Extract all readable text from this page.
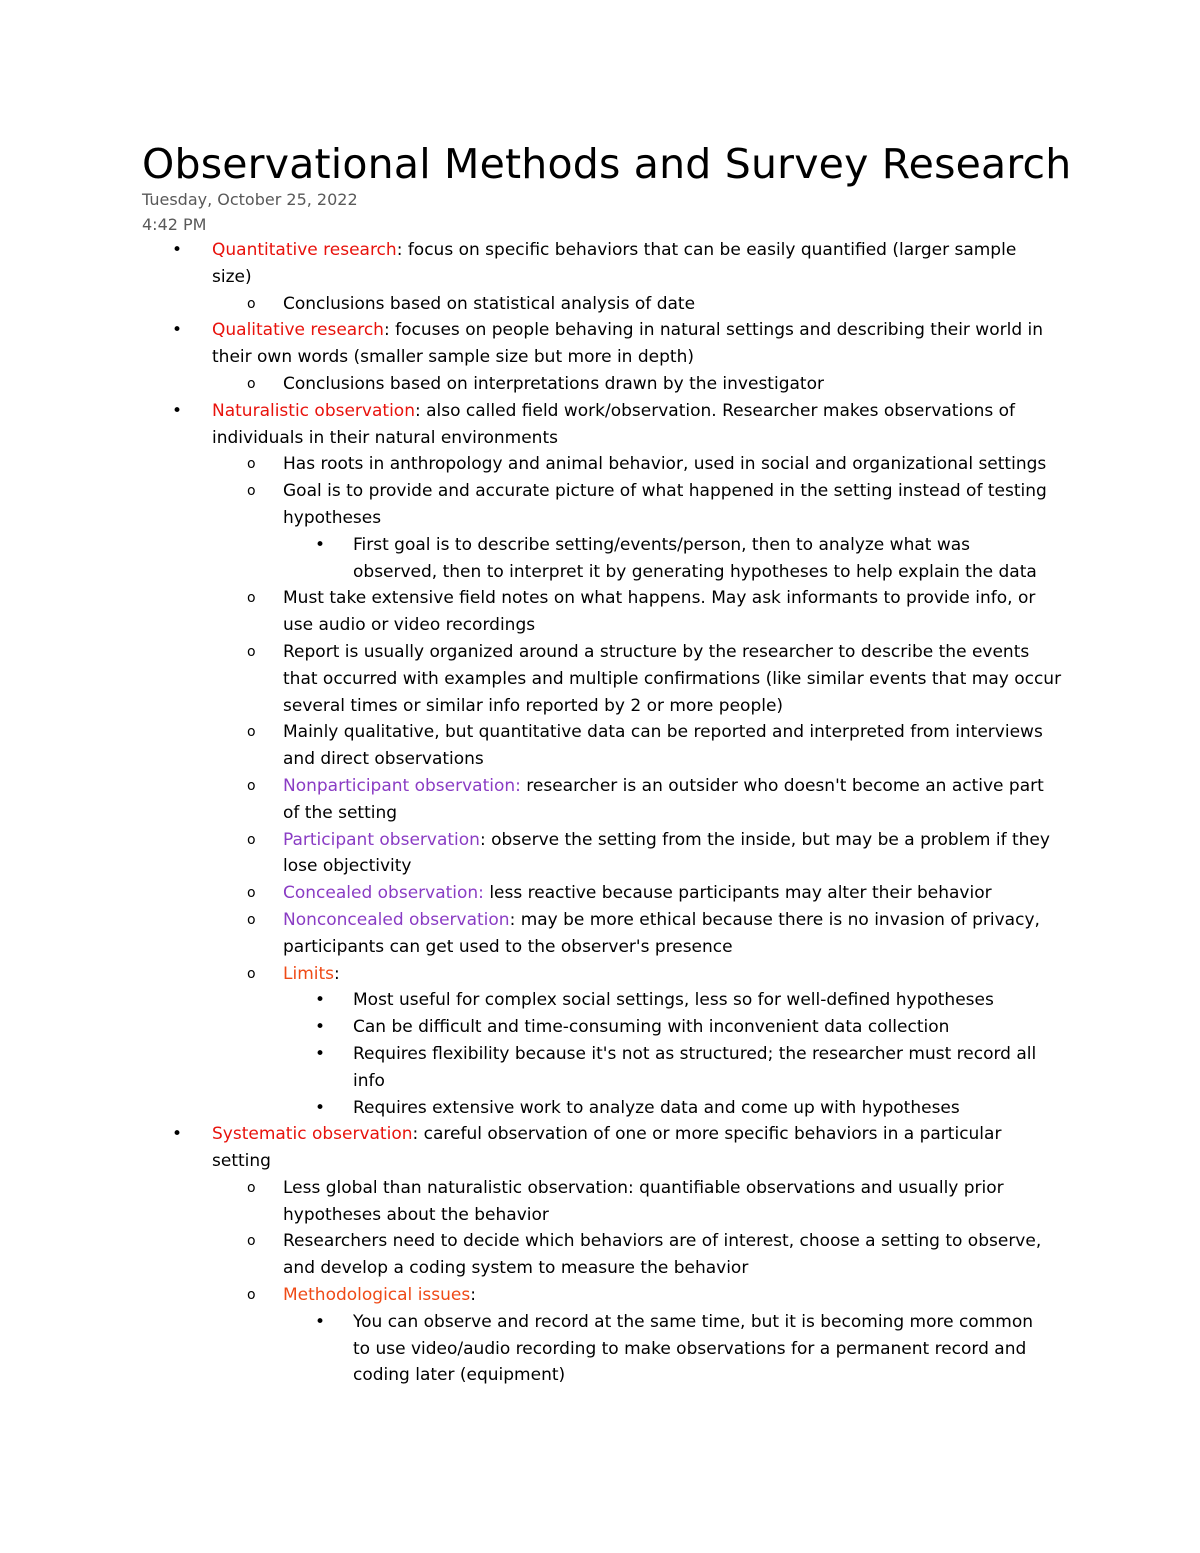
Observational Methods and Survey Research
Tuesday, October 25, 2022
4:42 PM
• Quantitative research: focus on specific behaviors that can be easily quantified (larger sample size)
o Conclusions based on statistical analysis of date
• Qualitative research: focuses on people behaving in natural settings and describing their world in their own words (smaller sample size but more in depth)
o Conclusions based on interpretations drawn by the investigator
• Naturalistic observation: also called field work/observation. Researcher makes observations of individuals in their natural environments
o Has roots in anthropology and animal behavior, used in social and organizational settings
o Goal is to provide and accurate picture of what happened in the setting instead of testing hypotheses
• First goal is to describe setting/events/person, then to analyze what was observed, then to interpret it by generating hypotheses to help explain the data
o Must take extensive field notes on what happens. May ask informants to provide info, or use audio or video recordings
o Report is usually organized around a structure by the researcher to describe the events that occurred with examples and multiple confirmations (like similar events that may occur several times or similar info reported by 2 or more people)
o Mainly qualitative, but quantitative data can be reported and interpreted from interviews and direct observations
o Nonparticipant observation: researcher is an outsider who doesn't become an active part of the setting
o Participant observation: observe the setting from the inside, but may be a problem if they lose objectivity
o Concealed observation: less reactive because participants may alter their behavior
o Nonconcealed observation: may be more ethical because there is no invasion of privacy, participants can get used to the observer's presence
o Limits:
• Most useful for complex social settings, less so for well-defined hypotheses
• Can be difficult and time-consuming with inconvenient data collection
• Requires flexibility because it's not as structured; the researcher must record all info
• Requires extensive work to analyze data and come up with hypotheses
• Systematic observation: careful observation of one or more specific behaviors in a particular setting
o Less global than naturalistic observation: quantifiable observations and usually prior hypotheses about the behavior
o Researchers need to decide which behaviors are of interest, choose a setting to observe, and develop a coding system to measure the behavior
o Methodological issues:
• You can observe and record at the same time, but it is becoming more common to use video/audio recording to make observations for a permanent record and coding later (equipment)
